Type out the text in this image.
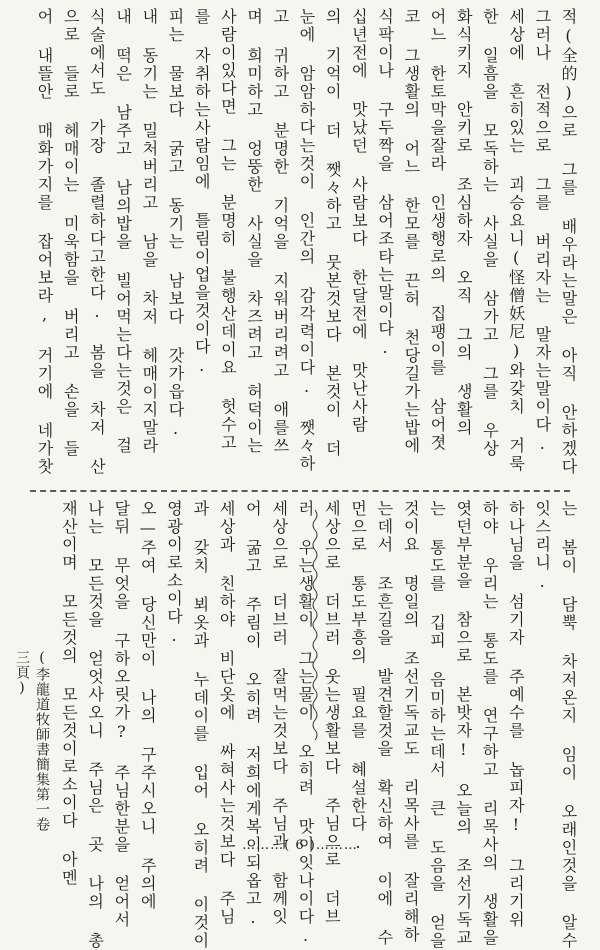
적(全的)으로 그를 배우라는말은 아직 안하겠다
그러나 전적으로 그를 버리자는 말자는말이다.
세상에 흔히있는 괴승요니(怪僧妖尼)와갖치 거룩
한 일흠을 모독하는 사실을 삼가고 그를 우상
화식키지 안키로 조심하자 오직 그의 생활의
어느 한토막을잘라 인생행로의 집팽이를 삼어졋
코 그생활의 어느 한모를 끈허 천당길가는밥에
식팍이나 구두짝을 삼어조타는말이다.
십년전에 맛났던 사람보다 한달전에 맛난사람
의 기억이 더 쨋々하고 뭇본것보다 본것이 더
눈에 암암하다는것이 인간의 감각력이다. 쨋々하
고 귀하고 분명한 기억을 지워버리려고 애를쓰
며 희미하고 엉뚱한 사실을 차즈려고 허덕이는
사람이있다면 그는 분명히 불행산데이요 헛수고
를 자취하는사람임에 틀림이업을것이다.
피는 물보다 굵고 동기는 남보다 갓가읍다.
내 동기는 밀처버리고 남을 차저 헤매이지말라
내 떡은 남주고 남의밥을 빌어먹는다는것은 걸
식술에서도 가장 졸렬하다고한다. 봄을 차저 산
으로 들로 헤매이는 미욱함을 버리고 손을 들
어 내뜰안 매화가지를 잡어보라, 거기에 네가찻
는 봄이 담뿍 차저온지 임이 오래인것을 알수
잇스리니.
하나님을 섬기자 주예수를 놉피자! 그리기위
하야 우리는 통도를 연구하고 리목사의 생활을
엿던부분을 참으로 본밧자! 오늘의 조선기독교
는 통도를 깁피 음미하는데서 큰 도음을 얻을
것이요 명일의 조선기독교도 리목사를 잘리해하
는데서 조흔길을 발견할것을 확신하여 이에 수
먼으로 통도부흥의 필요를 혜설한다.
세상으로 더브러 웃는생활보다 주님으로 더브
러 우는생활이 그는물이 오히려 맛이잇나이다.
세상으로 더브러 잘먹는것보다 주님과 함께잇
어 굶고 주림이 오히려 저희에게복이되옵고.
세상과 친하야 비단옷에 싸혀사는것보다 주님
과 갖치 뵈옷과 누데이를 입어 오히려 이것이
영광이로소이다.
오—주여 당신만이 나의 구주시오니 주의에
달뒤 무엇을 구하오릿가? 주님한분을 얻어서
나는 모든것을 얻엇사오니 주님은 곳 나의 총
재산이며 모든것의 모든것이로소이다 아멘
(李龍道牧師書簡集第一卷三頁)
………( 6 )………
